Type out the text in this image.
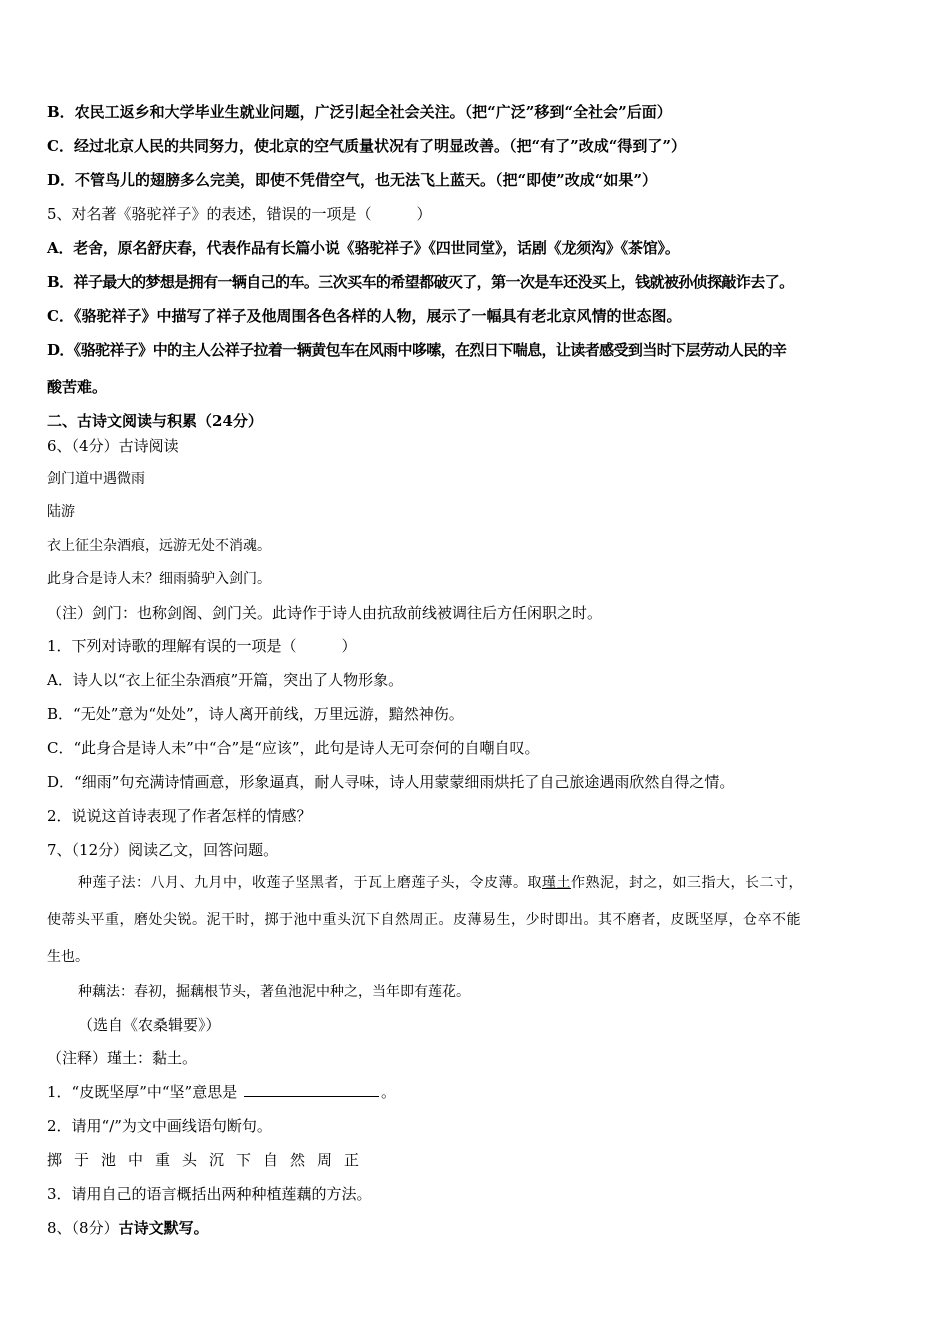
B．农民工返乡和大学毕业生就业问题，广泛引起全社会关注。（把“广泛”移到“全社会”后面）
C．经过北京人民的共同努力，使北京的空气质量状况有了明显改善。（把“有了”改成“得到了”）
D．不管鸟儿的翅膀多么完美，即使不凭借空气，也无法飞上蓝天。（把“即使”改成“如果”）
5、对名著《骆驼祥子》的表述，错误的一项是（　　　）
A．老舍，原名舒庆春，代表作品有长篇小说《骆驼祥子》《四世同堂》，话剧《龙须沟》《茶馆》。
B．祥子最大的梦想是拥有一辆自己的车。三次买车的希望都破灭了，第一次是车还没买上，钱就被孙侦探敲诈去了。
C．《骆驼祥子》中描写了祥子及他周围各色各样的人物，展示了一幅具有老北京风情的世态图。
D．《骆驼祥子》中的主人公祥子拉着一辆黄包车在风雨中哆嗦，在烈日下喘息，让读者感受到当时下层劳动人民的辛
酸苦难。
二、古诗文阅读与积累（24分）
6、（4分）古诗阅读
剑门道中遇微雨
陆游
衣上征尘杂酒痕，远游无处不消魂。
此身合是诗人未？细雨骑驴入剑门。
（注）剑门：也称剑阁、剑门关。此诗作于诗人由抗敌前线被调往后方任闲职之时。
1．下列对诗歌的理解有误的一项是（　　　）
A．诗人以“衣上征尘杂酒痕”开篇，突出了人物形象。
B．“无处”意为“处处”，诗人离开前线，万里远游，黯然神伤。
C．“此身合是诗人未”中“合”是“应该”，此句是诗人无可奈何的自嘲自叹。
D．“细雨”句充满诗情画意，形象逼真，耐人寻味，诗人用蒙蒙细雨烘托了自己旅途遇雨欣然自得之情。
2．说说这首诗表现了作者怎样的情感？
7、（12分）阅读乙文，回答问题。
种莲子法：八月、九月中，收莲子坚黑者，于瓦上磨莲子头，令皮薄。取瑾土作熟泥，封之，如三指大，长二寸，
使蒂头平重，磨处尖锐。泥干时，掷于池中重头沉下自然周正。皮薄易生，少时即出。其不磨者，皮既坚厚，仓卒不能
生也。
种藕法：春初，掘藕根节头，著鱼池泥中种之，当年即有莲花。
（选自《农桑辑要》）
（注释）瑾土：黏土。
1．“皮既坚厚”中“坚”意思是	。
2．请用“/”为文中画线语句断句。
掷于池中重头沉下自然周正
3．请用自己的语言概括出两种种植莲藕的方法。
8、（8分）古诗文默写。
